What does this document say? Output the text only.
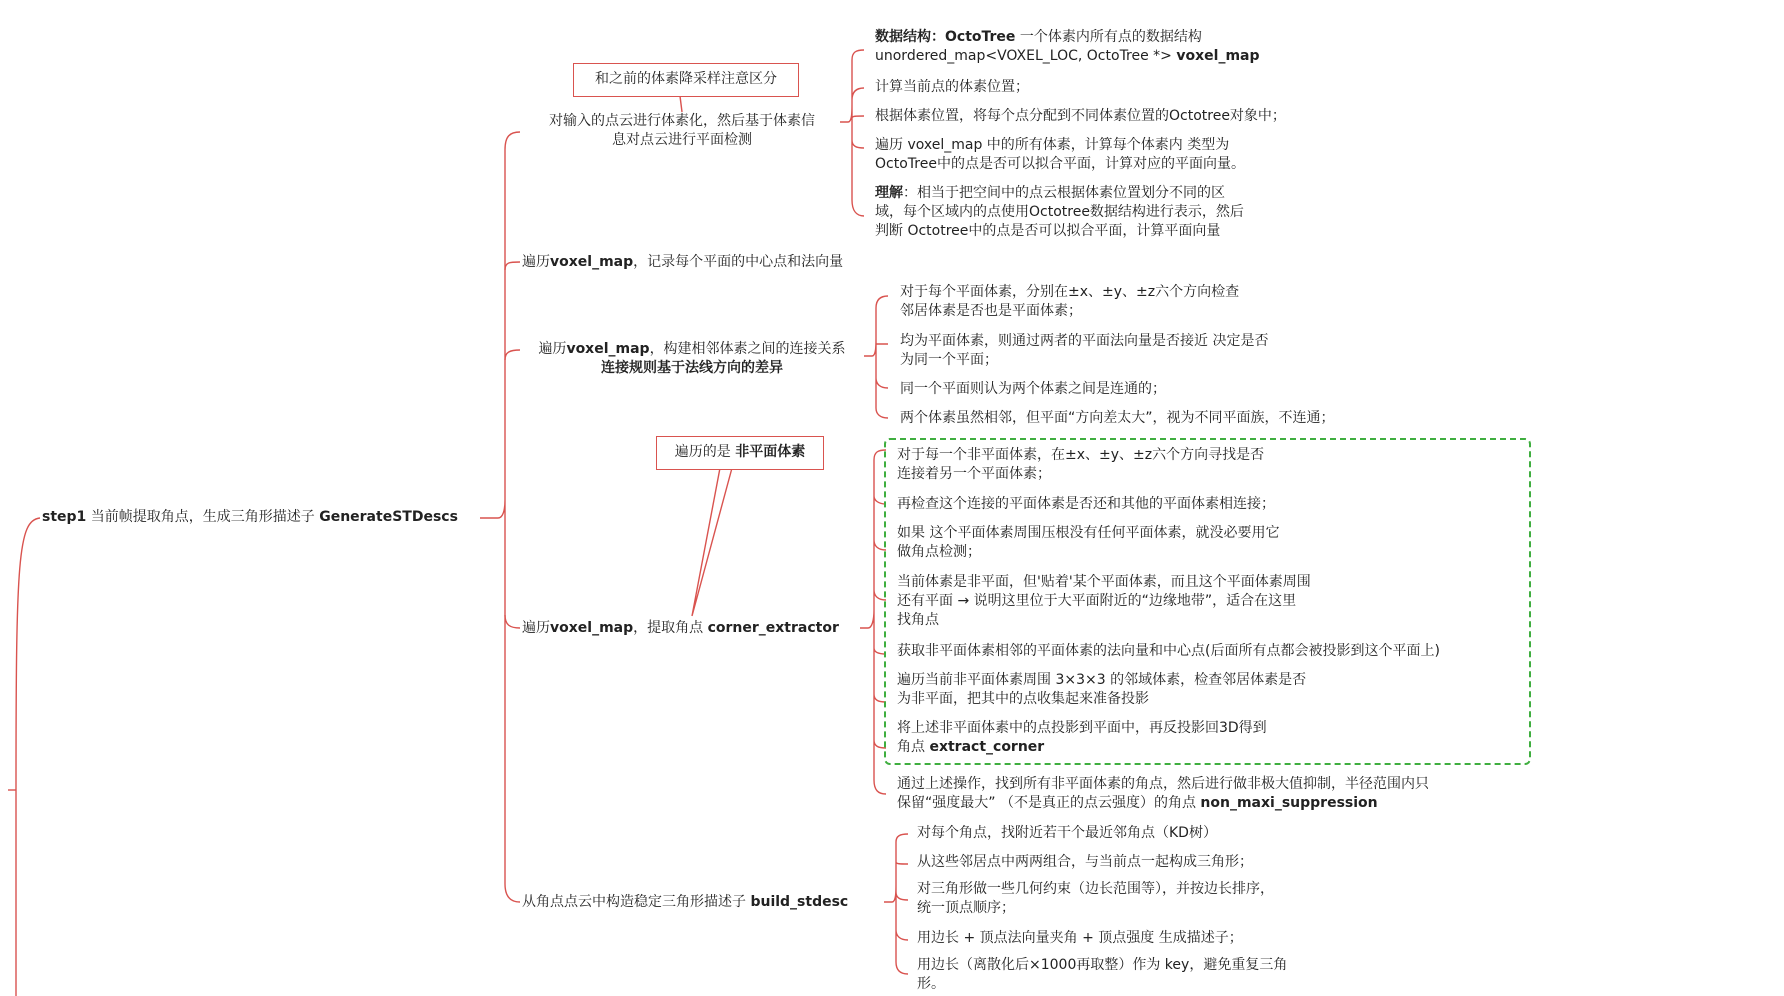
和之前的体素降采样注意区分
遍历的是 非平面体素
step1 当前帧提取角点，生成三角形描述子 GenerateSTDescs
对输入的点云进行体素化，然后基于体素信
息对点云进行平面检测
数据结构：OctoTree 一个体素内所有点的数据结构
unordered_map<VOXEL_LOC, OctoTree *> voxel_map
计算当前点的体素位置；
根据体素位置，将每个点分配到不同体素位置的Octotree对象中；
遍历 voxel_map 中的所有体素，计算每个体素内 类型为
OctoTree中的点是否可以拟合平面，计算对应的平面向量。
理解：相当于把空间中的点云根据体素位置划分不同的区
域，每个区域内的点使用Octotree数据结构进行表示，然后
判断 Octotree中的点是否可以拟合平面，计算平面向量
遍历voxel_map，记录每个平面的中心点和法向量
遍历voxel_map，构建相邻体素之间的连接关系
连接规则基于法线方向的差异
对于每个平面体素，分别在±x、±y、±z六个方向检查
邻居体素是否也是平面体素；
均为平面体素，则通过两者的平面法向量是否接近 决定是否
为同一个平面；
同一个平面则认为两个体素之间是连通的；
两个体素虽然相邻，但平面“方向差太大”，视为不同平面族，不连通；
遍历voxel_map，提取角点 corner_extractor
对于每一个非平面体素，在±x、±y、±z六个方向寻找是否
连接着另一个平面体素；
再检查这个连接的平面体素是否还和其他的平面体素相连接；
如果 这个平面体素周围压根没有任何平面体素，就没必要用它
做角点检测；
当前体素是非平面，但'贴着'某个平面体素，而且这个平面体素周围
还有平面 → 说明这里位于大平面附近的“边缘地带”，适合在这里
找角点
获取非平面体素相邻的平面体素的法向量和中心点(后面所有点都会被投影到这个平面上)
遍历当前非平面体素周围 3×3×3 的邻域体素，检查邻居体素是否
为非平面，把其中的点收集起来准备投影
将上述非平面体素中的点投影到平面中，再反投影回3D得到
角点 extract_corner
通过上述操作，找到所有非平面体素的角点，然后进行做非极大值抑制，半径范围内只
保留“强度最大” （不是真正的点云强度）的角点 non_maxi_suppression
从角点点云中构造稳定三角形描述子 build_stdesc
对每个角点，找附近若干个最近邻角点（KD树）
从这些邻居点中两两组合，与当前点一起构成三角形；
对三角形做一些几何约束（边长范围等），并按边长排序，
统一顶点顺序；
用边长 + 顶点法向量夹角 + 顶点强度 生成描述子；
用边长（离散化后×1000再取整）作为 key，避免重复三角
形。
